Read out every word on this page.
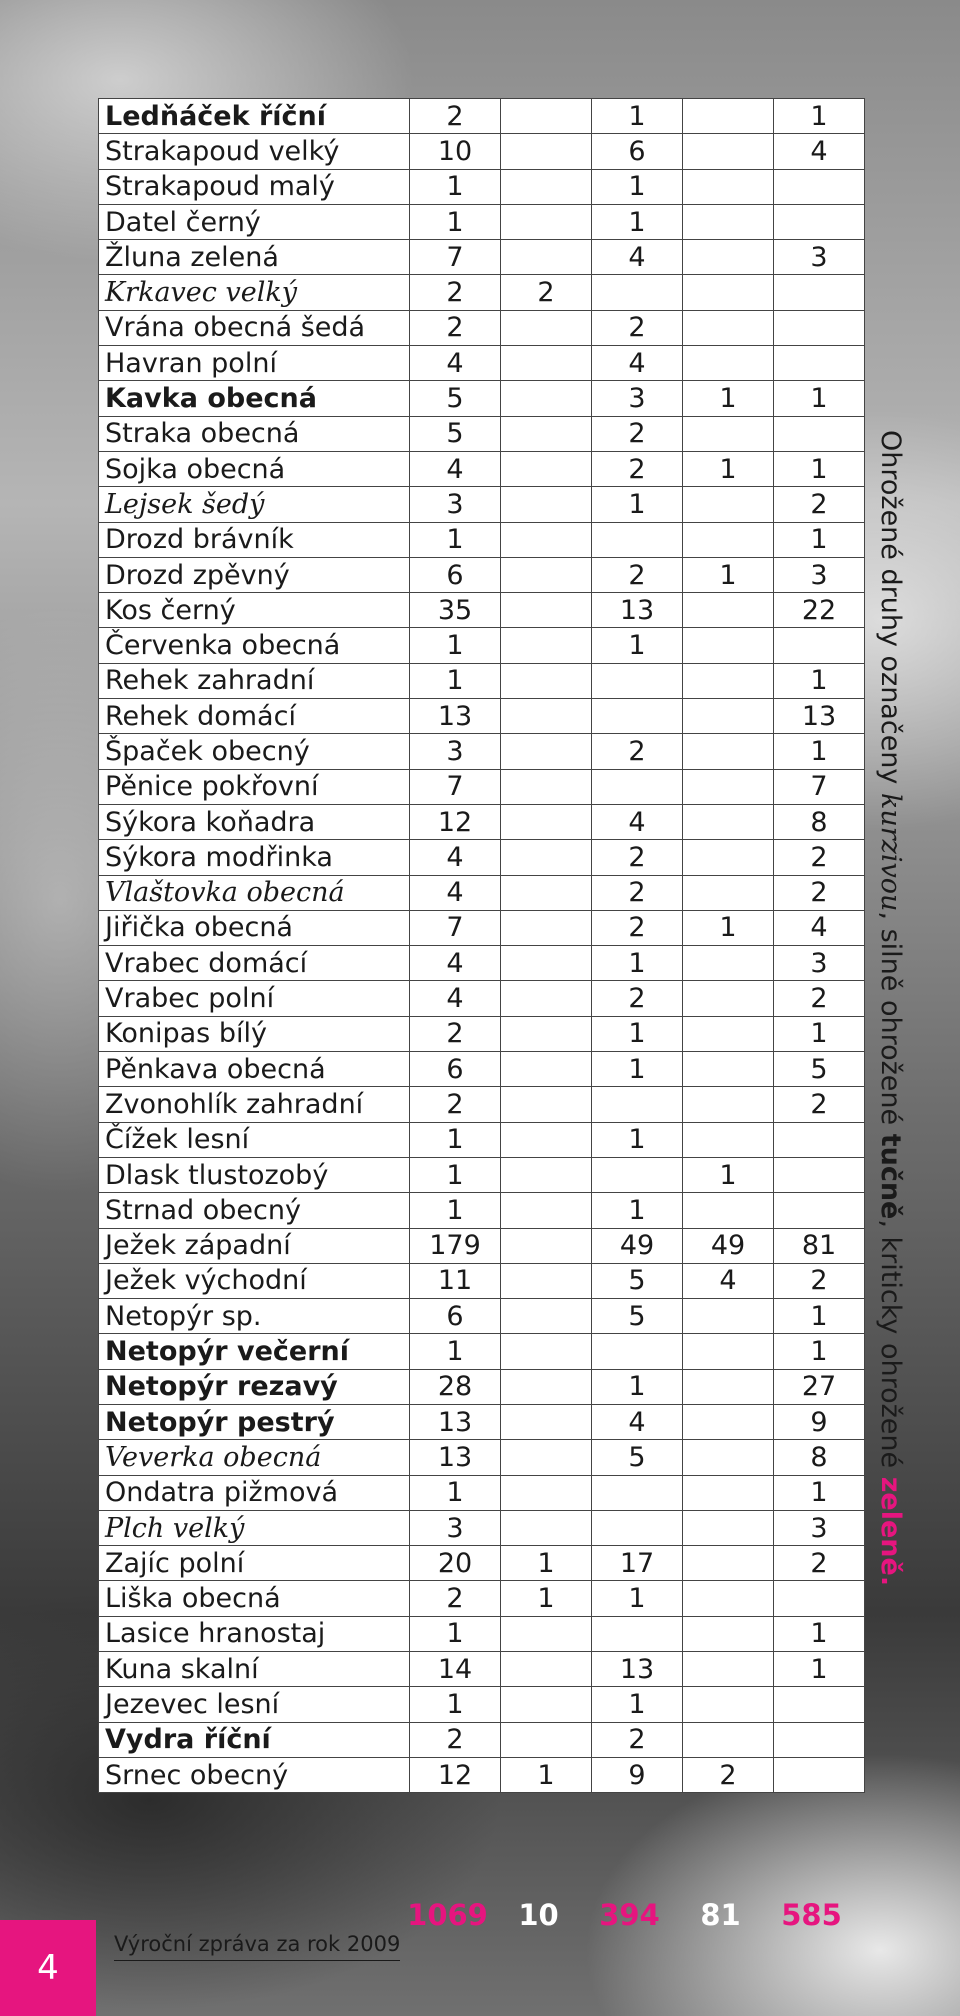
Ledňáček říční	2		1		1
Strakapoud velký	10		6		4
Strakapoud malý	1		1		
Datel černý	1		1		
Žluna zelená	7		4		3
Krkavec velký	2	2			
Vrána obecná šedá	2		2		
Havran polní	4		4		
Kavka obecná	5		3	1	1
Straka obecná	5		2		
Sojka obecná	4		2	1	1
Lejsek šedý	3		1		2
Drozd brávník	1				1
Drozd zpěvný	6		2	1	3
Kos černý	35		13		22
Červenka obecná	1		1		
Rehek zahradní	1				1
Rehek domácí	13				13
Špaček obecný	3		2		1
Pěnice pokřovní	7				7
Sýkora koňadra	12		4		8
Sýkora modřinka	4		2		2
Vlaštovka obecná	4		2		2
Jiřička obecná	7		2	1	4
Vrabec domácí	4		1		3
Vrabec polní	4		2		2
Konipas bílý	2		1		1
Pěnkava obecná	6		1		5
Zvonohlík zahradní	2				2
Čížek lesní	1		1		
Dlask tlustozobý	1			1	
Strnad obecný	1		1		
Ježek západní	179		49	49	81
Ježek východní	11		5	4	2
Netopýr sp.	6		5		1
Netopýr večerní	1				1
Netopýr rezavý	28		1		27
Netopýr pestrý	13		4		9
Veverka obecná	13		5		8
Ondatra pižmová	1				1
Plch velký	3				3
Zajíc polní	20	1	17		2
Liška obecná	2	1	1		
Lasice hranostaj	1				1
Kuna skalní	14		13		1
Jezevec lesní	1		1		
Vydra říční	2		2		
Srnec obecný	12	1	9	2	
1069	10	394	81	585
Ohrožené druhy označeny kurzivou, silně ohrožené tučně, kriticky ohrožené zeleně.
4
Výroční zpráva za rok 2009
